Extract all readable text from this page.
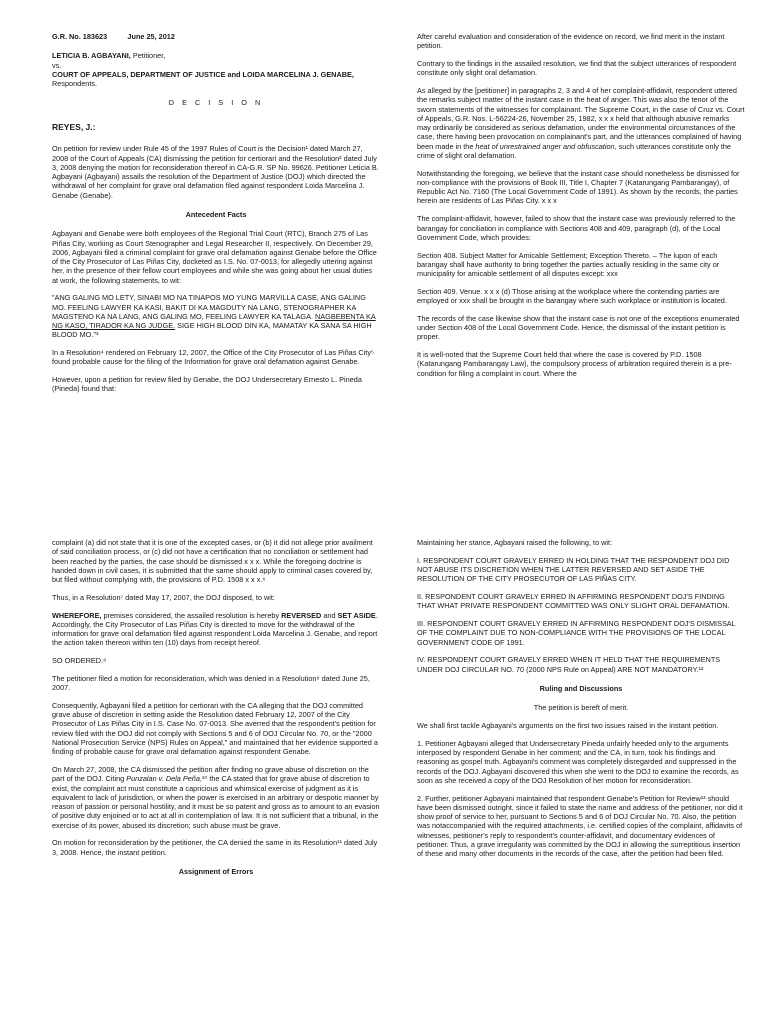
G.R. No. 183623          June 25, 2012

LETICIA B. AGBAYANI, Petitioner,

vs.

COURT OF APPEALS, DEPARTMENT OF JUSTICE and LOIDA MARCELINA J. GENABE, Respondents.

D E C I S I O N

REYES, J.:

On petition for review under Rule 45 of the 1997 Rules of Court is the Decision¹ dated March 27, 2008 of the Court of Appeals (CA) dismissing the petition for certiorari and the Resolution² dated July 3, 2008 denying the motion for reconsideration thereof in CA-G.R. SP No. 99626. Petitioner Leticia B. Agbayani (Agbayani) assails the resolution of the Department of Justice (DOJ) which directed the withdrawal of her complaint for grave oral defamation filed against respondent Loida Marcelina J. Genabe (Genabe).

Antecedent Facts

Agbayani and Genabe were both employees of the Regional Trial Court (RTC), Branch 275 of Las Piñas City, working as Court Stenographer and Legal Researcher II, respectively. On December 29, 2006, Agbayani filed a criminal complaint for grave oral defamation against Genabe before the Office of the City Prosecutor of Las Piñas City, docketed as I.S. No. 07-0013, for allegedly uttering against her, in the presence of their fellow court employees and while she was going about her usual duties at work, the following statements, to wit:

"ANG GALING MO LETY, SINABI MO NA TINAPOS MO YUNG MARVILLA CASE, ANG GALING MO. FEELING LAWYER KA KASI, BAKIT DI KA MAGDUTY NA LANG, STENOGRAPHER KA MAGSTENO KA NA LANG, ANG GALING MO, FEELING LAWYER KA TALAGA. NAGBEBENTA KA NG KASO, TIRADOR KA NG JUDGE. SIGE HIGH BLOOD DIN KA, MAMATAY KA SANA SA HIGH BLOOD MO."³

In a Resolution⁴ rendered on February 12, 2007, the Office of the City Prosecutor of Las Piñas City⁵ found probable cause for the filing of the Information for grave oral defamation against Genabe.

However, upon a petition for review filed by Genabe, the DOJ Undersecretary Ernesto L. Pineda (Pineda) found that:

After careful evaluation and consideration of the evidence on record, we find merit in the instant petition.

Contrary to the findings in the assailed resolution, we find that the subject utterances of respondent constitute only slight oral defamation.

As alleged by the [petitioner] in paragraphs 2, 3 and 4 of her complaint-affidavit, respondent uttered the remarks subject matter of the instant case in the heat of anger. This was also the tenor of the sworn statements of the witnesses for complainant. The Supreme Court, in the case of Cruz vs. Court of Appeals, G.R. Nos. L-56224-26, November 25, 1982, x x x held that although abusive remarks may ordinarily be considered as serious defamation, under the environmental circumstances of the case, there having been provocation on complainant's part, and the utterances complained of having been made in the heat of unrestrained anger and obfuscation, such utterances constitute only the crime of slight oral defamation.

Notwithstanding the foregoing, we believe that the instant case should nonetheless be dismissed for non-compliance with the provisions of Book III, Title I, Chapter 7 (Katarungang Pambarangay), of Republic Act No. 7160 (The Local Government Code of 1991). As shown by the records, the parties herein are residents of Las Piñas City. x x x

The complaint-affidavit, however, failed to show that the instant case was previously referred to the barangay for conciliation in compliance with Sections 408 and 409, paragraph (d), of the Local Government Code, which provides:

Section 408. Subject Matter for Amicable Settlement; Exception Thereto. – The lupon of each barangay shall have authority to bring together the parties actually residing in the same city or municipality for amicable settlement of all disputes except: xxx

Section 409. Venue. x x x (d) Those arising at the workplace where the contending parties are employed or xxx shall be brought in the barangay where such workplace or institution is located.

The records of the case likewise show that the instant case is not one of the exceptions enumerated under Section 408 of the Local Government Code. Hence, the dismissal of the instant petition is proper.

It is well-noted that the Supreme Court held that where the case is covered by P.D. 1508 (Katarungang Pambarangay Law), the compulsory process of arbitration required therein is a pre-condition for filing a complaint in court. Where the

complaint (a) did not state that it is one of the excepted cases, or (b) it did not allege prior availment of said conciliation process, or (c) did not have a certification that no conciliation or settlement had been reached by the parties, the case should be dismissed x x x. While the foregoing doctrine is handed down in civil cases, it is submitted that the same should apply to criminal cases covered by, but filed without complying with, the provisions of P.D. 1508 x x x.⁶

Thus, in a Resolution⁷ dated May 17, 2007, the DOJ disposed, to wit:

WHEREFORE, premises considered, the assailed resolution is hereby REVERSED and SET ASIDE. Accordingly, the City Prosecutor of Las Piñas City is directed to move for the withdrawal of the information for grave oral defamation filed against respondent Loida Marcelina J. Genabe, and report the action taken thereon within ten (10) days from receipt hereof.

SO ORDERED.⁸

The petitioner filed a motion for reconsideration, which was denied in a Resolution⁹ dated June 25, 2007.

Consequently, Agbayani filed a petition for certiorari with the CA alleging that the DOJ committed grave abuse of discretion in setting aside the Resolution dated February 12, 2007 of the City Prosecutor of Las Piñas City in I.S. Case No. 07-0013. She averred that the respondent's petition for review filed with the DOJ did not comply with Sections 5 and 6 of DOJ Circular No. 70, or the "2000 National Prosecution Service (NPS) Rules on Appeal," and maintained that her evidence supported a finding of probable cause for grave oral defamation against respondent Genabe.

On March 27, 2008, the CA dismissed the petition after finding no grave abuse of discretion on the part of the DOJ. Citing Punzalan v. Dela Peña,¹⁰ the CA stated that for grave abuse of discretion to exist, the complaint act must constitute a capricious and whimsical exercise of judgment as it is equivalent to lack of jurisdiction, or when the power is exercised in an arbitrary or despotic manner by reason of passion or personal hostility, and it must be so patent and gross as to amount to an evasion of positive duty enjoined or to act at all in contemplation of law. It is not sufficient that a tribunal, in the exercise of its power, abused its discretion; such abuse must be grave.

On motion for reconsideration by the petitioner, the CA denied the same in its Resolution¹¹ dated July 3, 2008. Hence, the instant petition.

Assignment of Errors

Maintaining her stance, Agbayani raised the following, to wit:

I. RESPONDENT COURT GRAVELY ERRED IN HOLDING THAT THE RESPONDENT DOJ DID NOT ABUSE ITS DISCRETION WHEN THE LATTER REVERSED AND SET ASIDE THE RESOLUTION OF THE CITY PROSECUTOR OF LAS PIÑAS CITY.

II. RESPONDENT COURT GRAVELY ERRED IN AFFIRMING RESPONDENT DOJ'S FINDING THAT WHAT PRIVATE RESPONDENT COMMITTED WAS ONLY SLIGHT ORAL DEFAMATION.

III. RESPONDENT COURT GRAVELY ERRED IN AFFIRMING RESPONDENT DOJ'S DISMISSAL OF THE COMPLAINT DUE TO NON-COMPLIANCE WITH THE PROVISIONS OF THE LOCAL GOVERNMENT CODE OF 1991.

IV. RESPONDENT COURT GRAVELY ERRED WHEN IT HELD THAT THE REQUIREMENTS UNDER DOJ CIRCULAR NO. 70 (2000 NPS Rule on Appeal) ARE NOT MANDATORY.¹²

Ruling and Discussions

The petition is bereft of merit.

We shall first tackle Agbayani's arguments on the first two issues raised in the instant petition.

1. Petitioner Agbayani alleged that Undersecretary Pineda unfairly heeded only to the arguments interposed by respondent Genabe in her comment; and the CA, in turn, took his findings and reasoning as gospel truth. Agbayani's comment was completely disregarded and suppressed in the records of the DOJ. Agbayani discovered this when she went to the DOJ to examine the records, as soon as she received a copy of the DOJ Resolution of her motion for reconsideration.

2. Further, petitioner Agbayani maintained that respondent Genabe's Petition for Review¹³ should have been dismissed outright, since it failed to state the name and address of the petitioner, nor did it show proof of service to her, pursuant to Sections 5 and 6 of DOJ Circular No. 70. Also, the petition was notaccompanied with the required attachments, i.e. certified copies of the complaint, affidavits of witnesses, petitioner's reply to respondent's counter-affidavit, and documentary evidences of petitioner. Thus, a grave irregularity was committed by the DOJ in allowing the surreptitious insertion of these and many other documents in the records of the case, after the petition had been filed.
